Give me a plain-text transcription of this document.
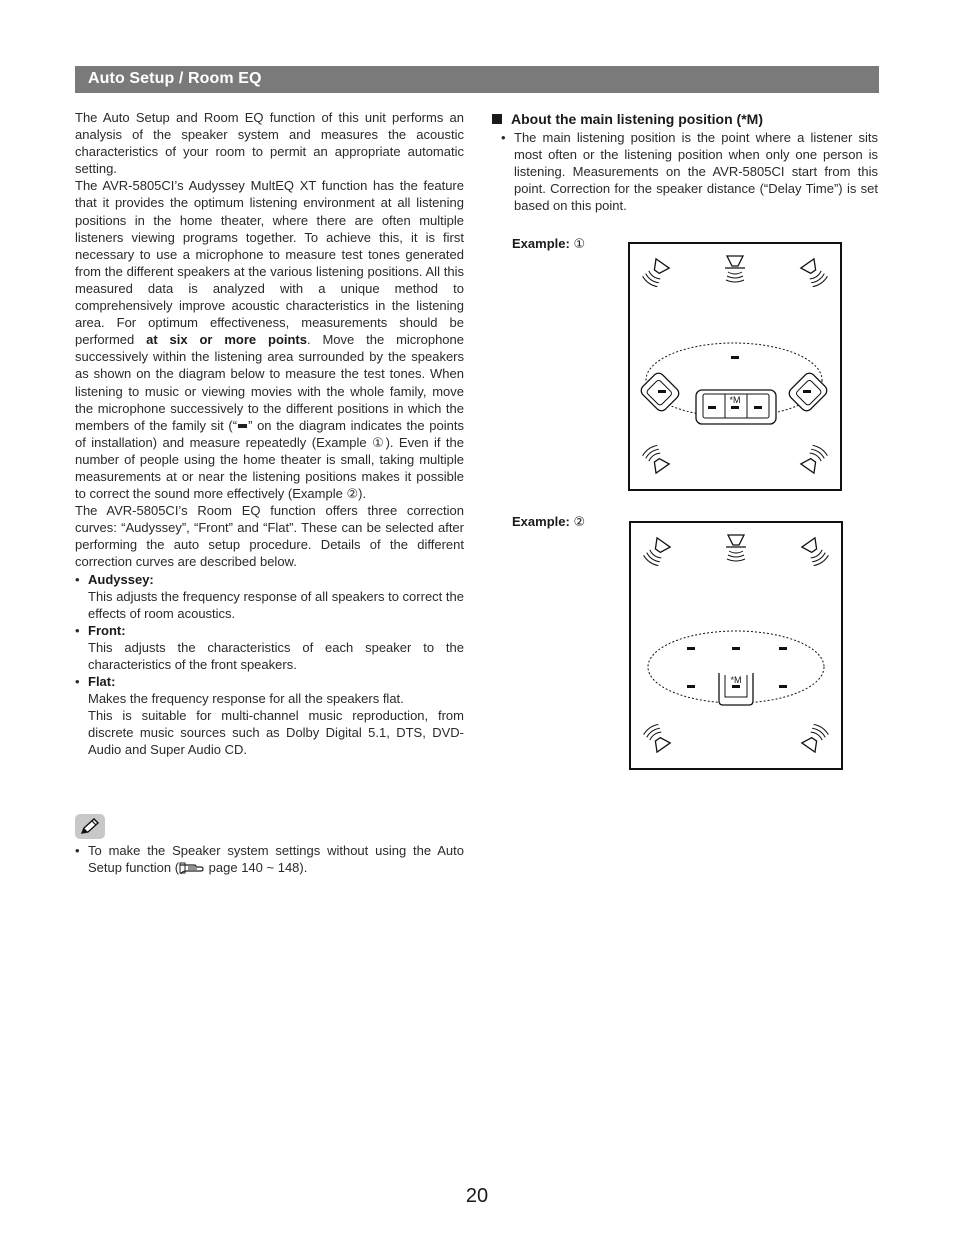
Auto Setup / Room EQ

The Auto Setup and Room EQ function of this unit performs an analysis of the speaker system and measures the acoustic characteristics of your room to permit an appropriate automatic setting.

The AVR-5805CI’s Audyssey MultEQ XT function has the feature that it provides the optimum listening environment at all listening positions in the home theater, where there are often multiple listeners viewing programs together. To achieve this, it is first necessary to use a microphone to measure test tones generated from the different speakers at the various listening positions. All this measured data is analyzed with a unique method to comprehensively improve acoustic characteristics in the listening area. For optimum effectiveness, measurements should be performed at six or more points. Move the microphone successively within the listening area surrounded by the speakers as shown on the diagram below to measure the test tones. When listening to music or viewing movies with the whole family, move the microphone successively to the different positions in which the members of the family sit (“ ” on the diagram indicates the points of installation) and measure repeatedly (Example ①). Even if the number of people using the home theater is small, taking multiple measurements at or near the listening positions makes it possible to correct the sound more effectively (Example ②).

The AVR-5805CI’s Room EQ function offers three correction curves: “Audyssey”, “Front” and “Flat”. These can be selected after performing the auto setup procedure. Details of the different correction curves are described below.

• Audyssey:

This adjusts the frequency response of all speakers to correct the effects of room acoustics.

• Front:

This adjusts the characteristics of each speaker to the characteristics of the front speakers.

• Flat:

Makes the frequency response for all the speakers flat.

This is suitable for multi-channel music reproduction, from discrete music sources such as Dolby Digital 5.1, DTS, DVD-Audio and Super Audio CD.

• To make the Speaker system settings without using the Auto Setup function ( page 140 ~ 148).

About the main listening position (*M)

• The main listening position is the point where a listener sits most often or the listening position when only one person is listening. Measurements on the AVR-5805CI start from this point. Correction for the speaker distance (“Delay Time”) is set based on this point.
Example: ①
*M
Example: ②
*M
20
